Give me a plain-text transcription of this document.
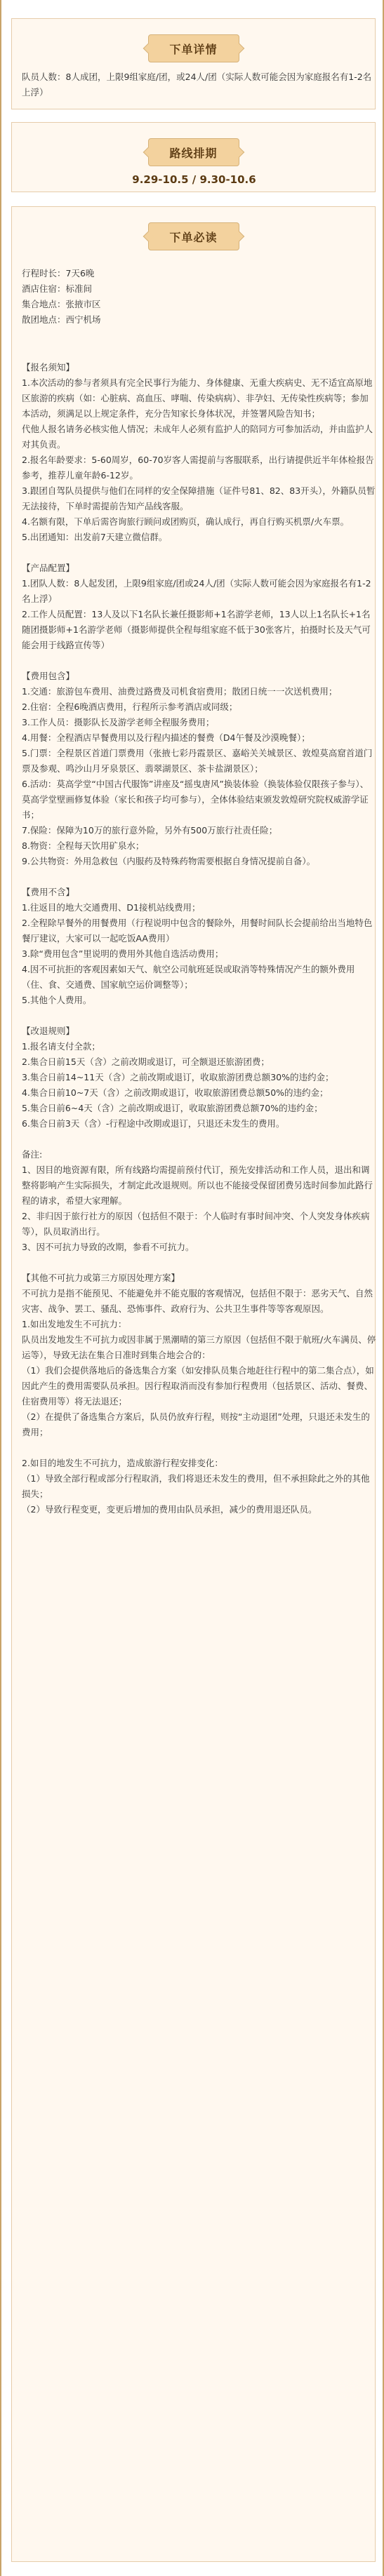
下单详情
队员人数：8人成团，上限9组家庭/团，或24人/团（实际人数可能会因为家庭报名有1-2名上浮）
路线排期
9.29-10.5 / 9.30-10.6
下单必读
行程时长：7天6晚
酒店住宿：标准间
集合地点：张掖市区
散团地点：西宁机场
【报名须知】
1.本次活动的参与者须具有完全民事行为能力、身体健康、无重大疾病史、无不适宜高原地区旅游的疾病（如：心脏病、高血压、哮喘、传染病病）、非孕妇、无传染性疾病等；参加本活动，须满足以上规定条件，充分告知家长身体状况，并签署风险告知书；
代他人报名请务必核实他人情况；未成年人必须有监护人的陪同方可参加活动，并由监护人对其负责。
2.报名年龄要求：5-60周岁，60-70岁客人需提前与客服联系，出行请提供近半年体检报告参考，推荐儿童年龄6-12岁。
3.跟团自驾队员提供与他们在同样的安全保障措施（证件号81、82、83开头），外籍队员暂无法接待，下单时需提前告知产品线客服。
4.名额有限，下单后需咨询旅行顾问或团购页，确认成行，再自行购买机票/火车票。
5.出团通知：出发前7天建立微信群。
【产品配置】
1.团队人数：8人起发团，上限9组家庭/团或24人/团（实际人数可能会因为家庭报名有1-2名上浮）
2.工作人员配置：13人及以下1名队长兼任摄影师+1名游学老师，13人以上1名队长+1名随团摄影师+1名游学老师（摄影师提供全程每组家庭不低于30张客片，拍摄时长及天气可能会用于线路宣传等）
【费用包含】
1.交通：旅游包车费用、油费过路费及司机食宿费用；散团日统一一次送机费用；
2.住宿：全程6晚酒店费用，行程所示参考酒店或同级；
3.工作人员：摄影队长及游学老师全程服务费用；
4.用餐：全程酒店早餐费用以及行程内描述的餐费（D4午餐及沙漠晚餐）；
5.门票：全程景区首道门票费用（张掖七彩丹霞景区、嘉峪关关城景区、敦煌莫高窟首道门票及参观、鸣沙山月牙泉景区、翡翠湖景区、茶卡盐湖景区）；
6.活动：莫高学堂“中国古代服饰”讲座及“摇曳唐风”换装体验（换装体验仅限孩子参与）、莫高学堂壁画修复体验（家长和孩子均可参与），全体体验结束颁发敦煌研究院权威游学证书；
7.保险：保障为10万的旅行意外险，另外有500万旅行社责任险；
8.物资：全程每天饮用矿泉水；
9.公共物资：外用急救包（内服药及特殊药物需要根据自身情况提前自备）。
【费用不含】
1.往返目的地大交通费用、D1接机站线费用；
2.全程除早餐外的用餐费用（行程说明中包含的餐除外，用餐时间队长会提前给出当地特色餐厅建议，大家可以一起吃饭AA费用）
3.除“费用包含”里说明的费用外其他自选活动费用；
4.因不可抗拒的客观因素如天气、航空公司航班延误或取消等特殊情况产生的额外费用（住、食、交通费、国家航空运价调整等）；
5.其他个人费用。
【改退规则】
1.报名请支付全款；
2.集合日前15天（含）之前改期或退订，可全额退还旅游团费；
3.集合日前14~11天（含）之前改期或退订，收取旅游团费总额30%的违约金；
4.集合日前10~7天（含）之前改期或退订，收取旅游团费总额50%的违约金；
5.集合日前6~4天（含）之前改期或退订，收取旅游团费总额70%的违约金；
6.集合日前3天（含）-行程途中改期或退订，只退还未发生的费用。
备注:
1、因目的地资源有限，所有线路均需提前预付代订，预先安排活动和工作人员，退出和调整将影响产生实际损失，才制定此改退规则。所以也不能接受保留团费另选时间参加此路行程的请求，希望大家理解。
2、非归因于旅行社方的原因（包括但不限于：个人临时有事时间冲突、个人突发身体疾病等），队员取消出行。
3、因不可抗力导致的改期，参看不可抗力。
【其他不可抗力或第三方原因处理方案】
不可抗力是指不能预见、不能避免并不能克服的客观情况，包括但不限于：恶劣天气、自然灾害、战争、罢工、骚乱、恐怖事件、政府行为、公共卫生事件等等客观原因。
1.如出发地发生不可抗力：
队员出发地发生不可抗力或因非属于黑潮晴的第三方原因（包括但不限于航班/火车满员、停运等），导致无法在集合日准时到集合地会合的：
（1）我们会提供落地后的备选集合方案（如安排队员集合地赶往行程中的第二集合点），如因此产生的费用需要队员承担。因行程取消而没有参加行程费用（包括景区、活动、餐费、住宿费用等）将无法退还；
（2）在提供了备选集合方案后，队员仍放弃行程，则按“主动退团”处理，只退还未发生的费用；
2.如目的地发生不可抗力，造成旅游行程安排变化：
（1）导致全部行程或部分行程取消，我们将退还未发生的费用，但不承担除此之外的其他损失；
（2）导致行程变更，变更后增加的费用由队员承担，减少的费用退还队员。
